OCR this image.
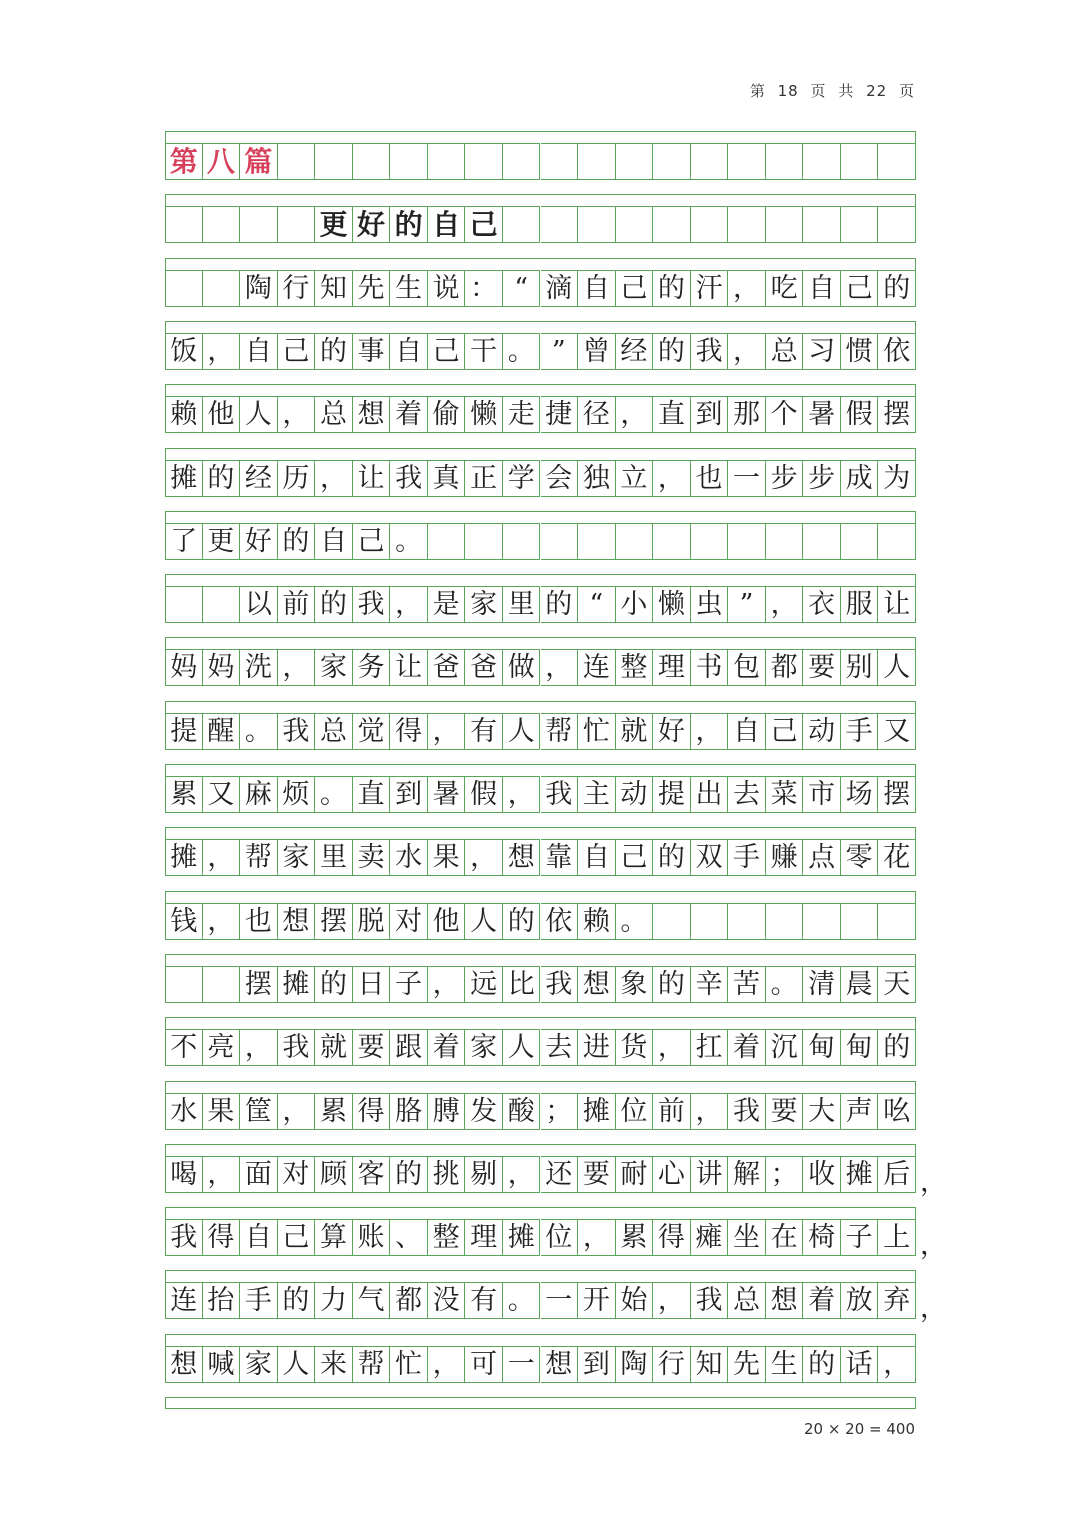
第 18 页 共 22 页
第 八 篇
更 好 的 自 己
陶 行 知 先 生 说 ： “ 滴 自 己 的 汗 ， 吃 自 己 的
饭 ， 自 己 的 事 自 己 干 。 ” 曾 经 的 我 ， 总 习 惯 依
赖 他 人 ， 总 想 着 偷 懒 走 捷 径 ， 直 到 那 个 暑 假 摆
摊 的 经 历 ， 让 我 真 正 学 会 独 立 ， 也 一 步 步 成 为
了 更 好 的 自 己 。
以 前 的 我 ， 是 家 里 的 “ 小 懒 虫 ” ， 衣 服 让
妈 妈 洗 ， 家 务 让 爸 爸 做 ， 连 整 理 书 包 都 要 别 人
提 醒 。 我 总 觉 得 ， 有 人 帮 忙 就 好 ， 自 己 动 手 又
累 又 麻 烦 。 直 到 暑 假 ， 我 主 动 提 出 去 菜 市 场 摆
摊 ， 帮 家 里 卖 水 果 ， 想 靠 自 己 的 双 手 赚 点 零 花
钱 ， 也 想 摆 脱 对 他 人 的 依 赖 。
摆 摊 的 日 子 ， 远 比 我 想 象 的 辛 苦 。 清 晨 天
不 亮 ， 我 就 要 跟 着 家 人 去 进 货 ， 扛 着 沉 甸 甸 的
水 果 筐 ， 累 得 胳 膊 发 酸 ； 摊 位 前 ， 我 要 大 声 吆
喝 ， 面 对 顾 客 的 挑 剔 ， 还 要 耐 心 讲 解 ； 收 摊 后 ，
我 得 自 己 算 账 、 整 理 摊 位 ， 累 得 瘫 坐 在 椅 子 上 ，
连 抬 手 的 力 气 都 没 有 。 一 开 始 ， 我 总 想 着 放 弃 ，
想 喊 家 人 来 帮 忙 ， 可 一 想 到 陶 行 知 先 生 的 话 ，
20 × 20 = 400
